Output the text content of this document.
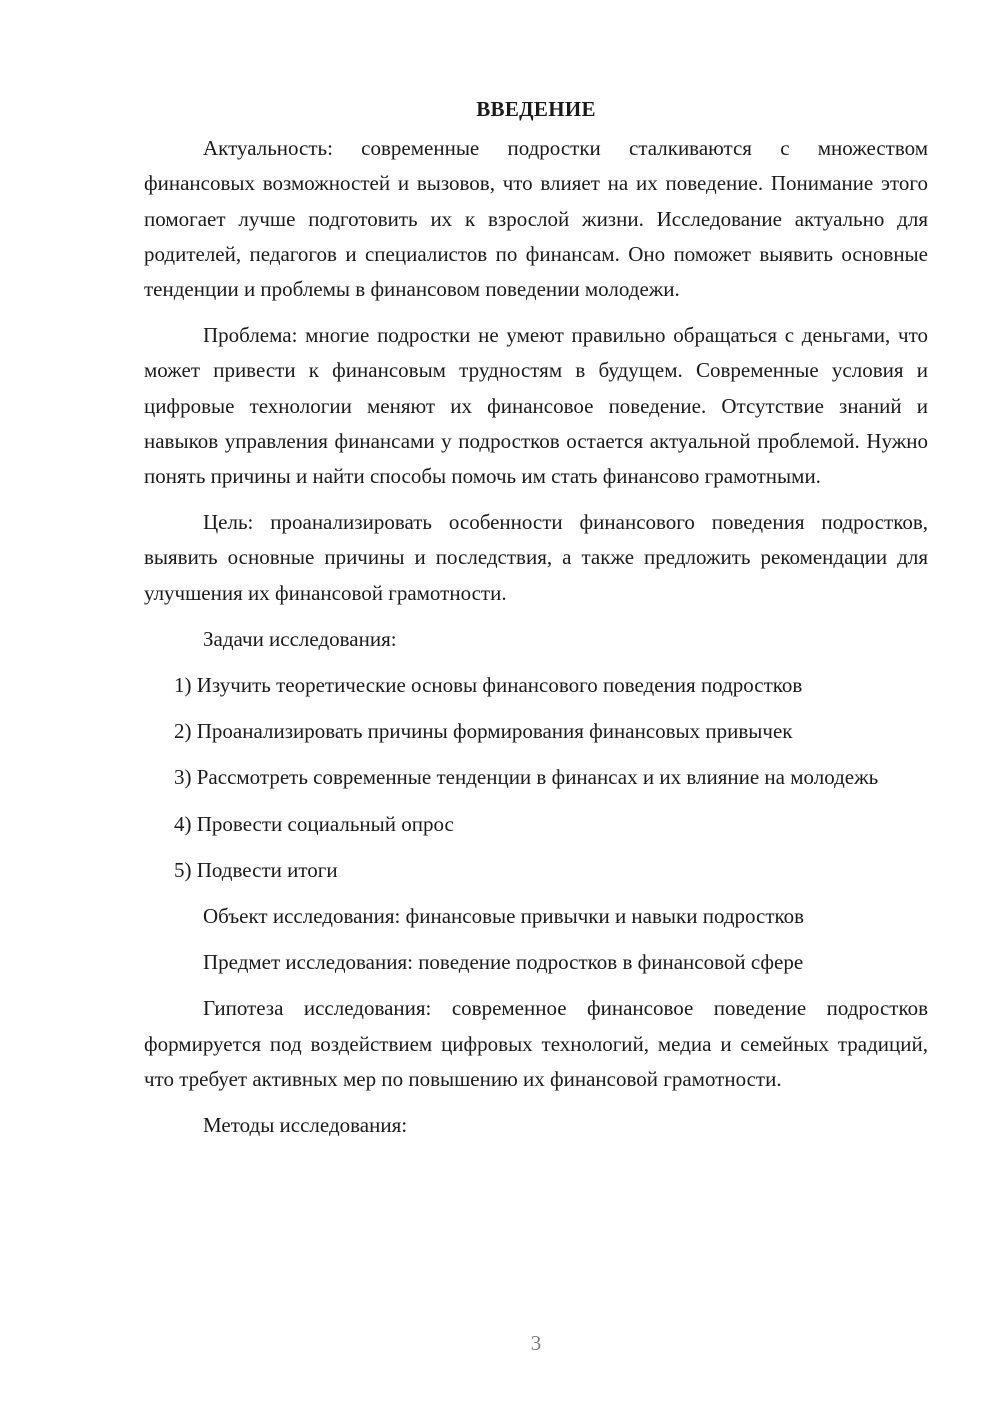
ВВЕДЕНИЕ

Актуальность: современные подростки сталкиваются с множеством финансовых возможностей и вызовов, что влияет на их поведение. Понимание этого помогает лучше подготовить их к взрослой жизни. Исследование актуально для родителей, педагогов и специалистов по финансам. Оно поможет выявить основные тенденции и проблемы в финансовом поведении молодежи.

Проблема: многие подростки не умеют правильно обращаться с деньгами, что может привести к финансовым трудностям в будущем. Современные условия и цифровые технологии меняют их финансовое поведение. Отсутствие знаний и навыков управления финансами у подростков остается актуальной проблемой. Нужно понять причины и найти способы помочь им стать финансово грамотными.

Цель: проанализировать особенности финансового поведения подростков, выявить основные причины и последствия, а также предложить рекомендации для улучшения их финансовой грамотности.

Задачи исследования:

1) Изучить теоретические основы финансового поведения подростков

2) Проанализировать причины формирования финансовых привычек

3) Рассмотреть современные тенденции в финансах и их влияние на молодежь

4) Провести социальный опрос

5) Подвести итоги

Объект исследования: финансовые привычки и навыки подростков

Предмет исследования: поведение подростков в финансовой сфере

Гипотеза исследования: современное финансовое поведение подростков формируется под воздействием цифровых технологий, медиа и семейных традиций, что требует активных мер по повышению их финансовой грамотности.

Методы исследования:

3
